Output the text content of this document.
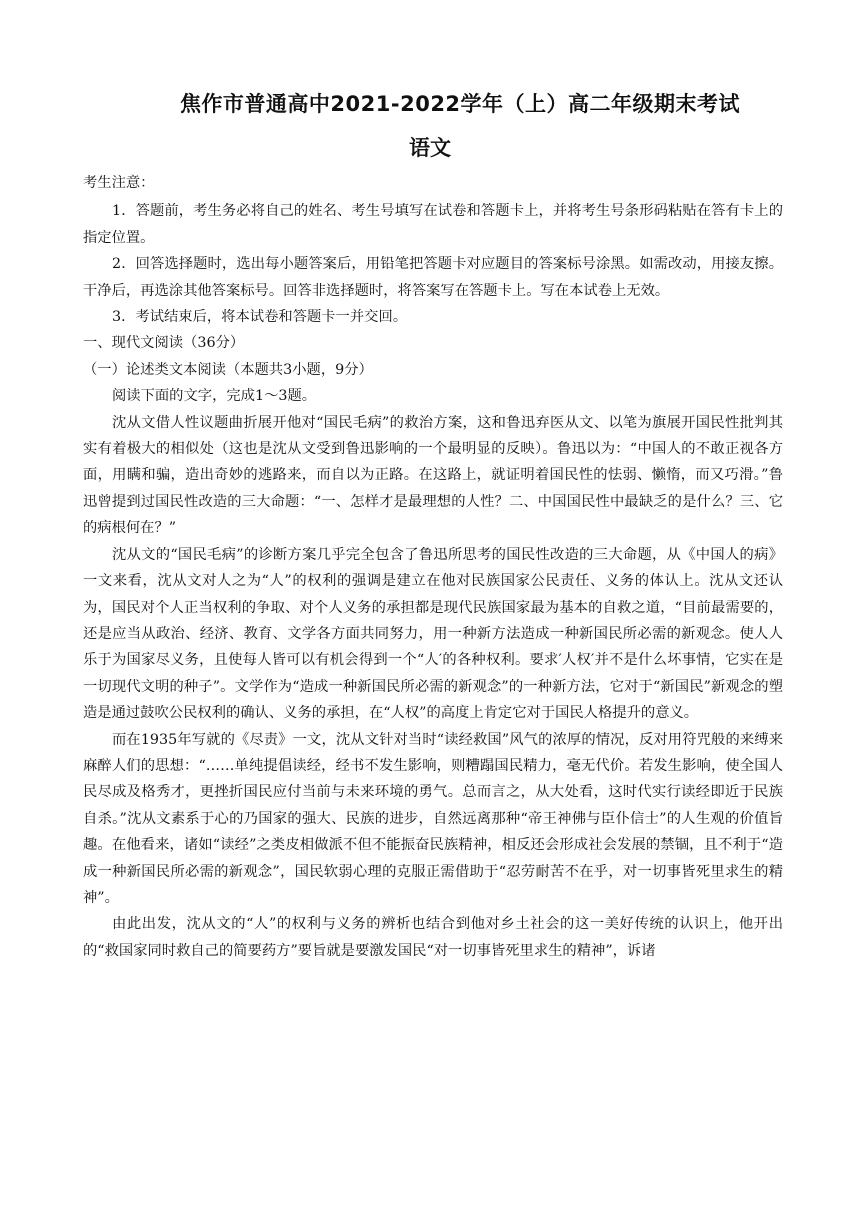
焦作市普通高中2021-2022学年（上）高二年级期末考试
语文

考生注意：

1．答题前，考生务必将自己的姓名、考生号填写在试卷和答题卡上，并将考生号条形码粘贴在答有卡上的指定位置。

2．回答选择题时，选出每小题答案后，用铅笔把答题卡对应题目的答案标号涂黑。如需改动，用接友擦。干净后，再选涂其他答案标号。回答非选择题时，将答案写在答题卡上。写在本试卷上无效。

3．考试结束后，将本试卷和答题卡一并交回。

一、现代文阅读（36分）

（一）论述类文本阅读（本题共3小题，9分）

阅读下面的文字，完成1～3题。

沈从文借人性议题曲折展开他对“国民毛病”的救治方案，这和鲁迅弃医从文、以笔为旗展开国民性批判其实有着极大的相似处（这也是沈从文受到鲁迅影响的一个最明显的反映）。鲁迅以为：“中国人的不敢正视各方面，用瞒和骗，造出奇妙的逃路来，而自以为正路。在这路上，就证明着国民性的怯弱、懒惰，而又巧滑。”鲁迅曾提到过国民性改造的三大命题：“一、怎样才是最理想的人性？二、中国国民性中最缺乏的是什么？三、它的病根何在？”

沈从文的“国民毛病”的诊断方案几乎完全包含了鲁迅所思考的国民性改造的三大命题，从《中国人的病》一文来看，沈从文对人之为“人”的权利的强调是建立在他对民族国家公民责任、义务的体认上。沈从文还认为，国民对个人正当权利的争取、对个人义务的承担都是现代民族国家最为基本的自救之道，“目前最需要的，还是应当从政治、经济、教育、文学各方面共同努力，用一种新方法造成一种新国民所必需的新观念。使人人乐于为国家尽义务，且使每人皆可以有机会得到一个“人′的各种权利。要求′人权′并不是什么坏事情，它实在是一切现代文明的种子”。文学作为“造成一种新国民所必需的新观念”的一种新方法，它对于“新国民”新观念的塑造是通过鼓吹公民权利的确认、义务的承担，在“人权”的高度上肯定它对于国民人格提升的意义。

而在1935年写就的《尽责》一文，沈从文针对当时“读经救国”风气的浓厚的情况，反对用符咒般的来缚来麻醉人们的思想：“……单纯提倡读经，经书不发生影响，则糟蹋国民精力，毫无代价。若发生影响，使全国人民尽成及格秀才，更挫折国民应付当前与未来环境的勇气。总而言之，从大处看，这时代实行读经即近于民族自杀。”沈从文素系于心的乃国家的强大、民族的进步，自然远离那种“帝王神佛与臣仆信士”的人生观的价值旨趣。在他看来，诸如“读经”之类皮相做派不但不能振奋民族精神，相反还会形成社会发展的禁锢，且不利于“造成一种新国民所必需的新观念”，国民软弱心理的克服正需借助于“忍劳耐苦不在乎，对一切事皆死里求生的精神”。

由此出发，沈从文的“人”的权利与义务的辨析也结合到他对乡土社会的这一美好传统的认识上，他开出的“救国家同时救自己的简要药方”要旨就是要激发国民“对一切事皆死里求生的精神”，诉诸
